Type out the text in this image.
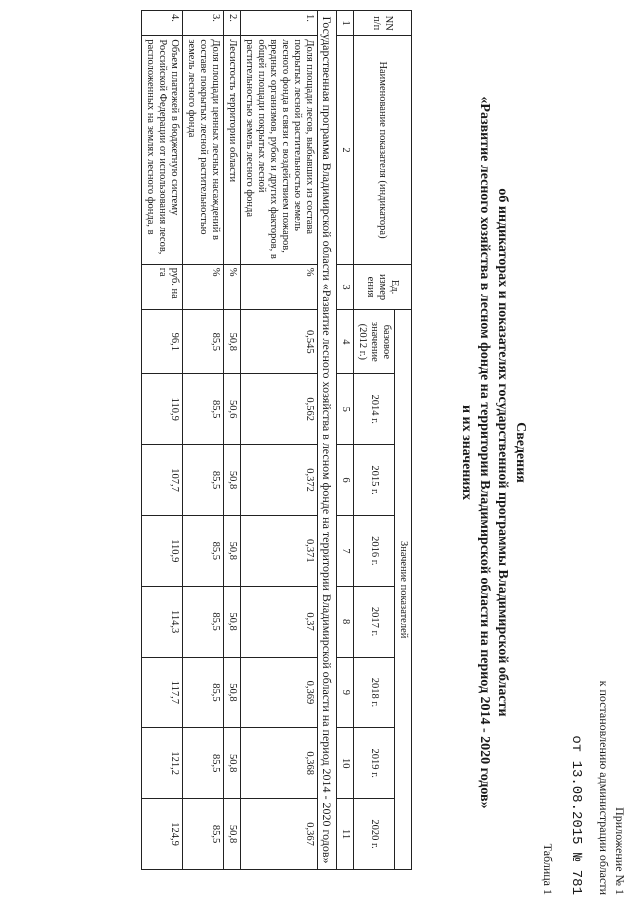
Приложение № 1
к постановлению администрации области
от 13.08.2015 № 781
Таблица 1
Сведения
об индикаторах и показателях государственной программы Владимирской области
«Развитие лесного хозяйства в лесном фонде на территории Владимирской области на период 2014 - 2020 годов»
и их значениях
NN п/п	Наименование показателя (индикатора)	Ед. измер ения	Значение показателей							
			базовое значение (2012 г.)	2014 г.	2015 г.	2016 г.	2017 г.	2018 г.	2019 г.	2020 г.
1	2	3	4	5	6	7	8	9	10	11
Государственная программа Владимирской области «Развитие лесного хозяйства в лесном фонде на территории Владимирской области на период 2014 - 2020 годов»										
1.	Доля площади лесов, выбывших из состава покрытых лесной растительностью земель лесного фонда в связи с воздействием пожаров, вредных организмов, рубок и других факторов, в общей площади покрытых лесной растительностью земель лесного фонда	%	0,545	0,562	0,372	0,371	0,37	0,369	0,368	0,367
2.	Лесистость территории области	%	50,8	50,6	50,8	50,8	50,8	50,8	50,8	50,8
3.	Доля площади ценных лесных насаждений в составе покрытых лесной растительностью земель лесного фонда	%	85,5	85,5	85,5	85,5	85,5	85,5	85,5	85,5
4.	Объем платежей в бюджетную систему Российской Федерации от использования лесов, расположенных на землях лесного фонда, в	руб. на га	96,1	110,9	107,7	110,9	114,3	117,7	121,2	124,9
